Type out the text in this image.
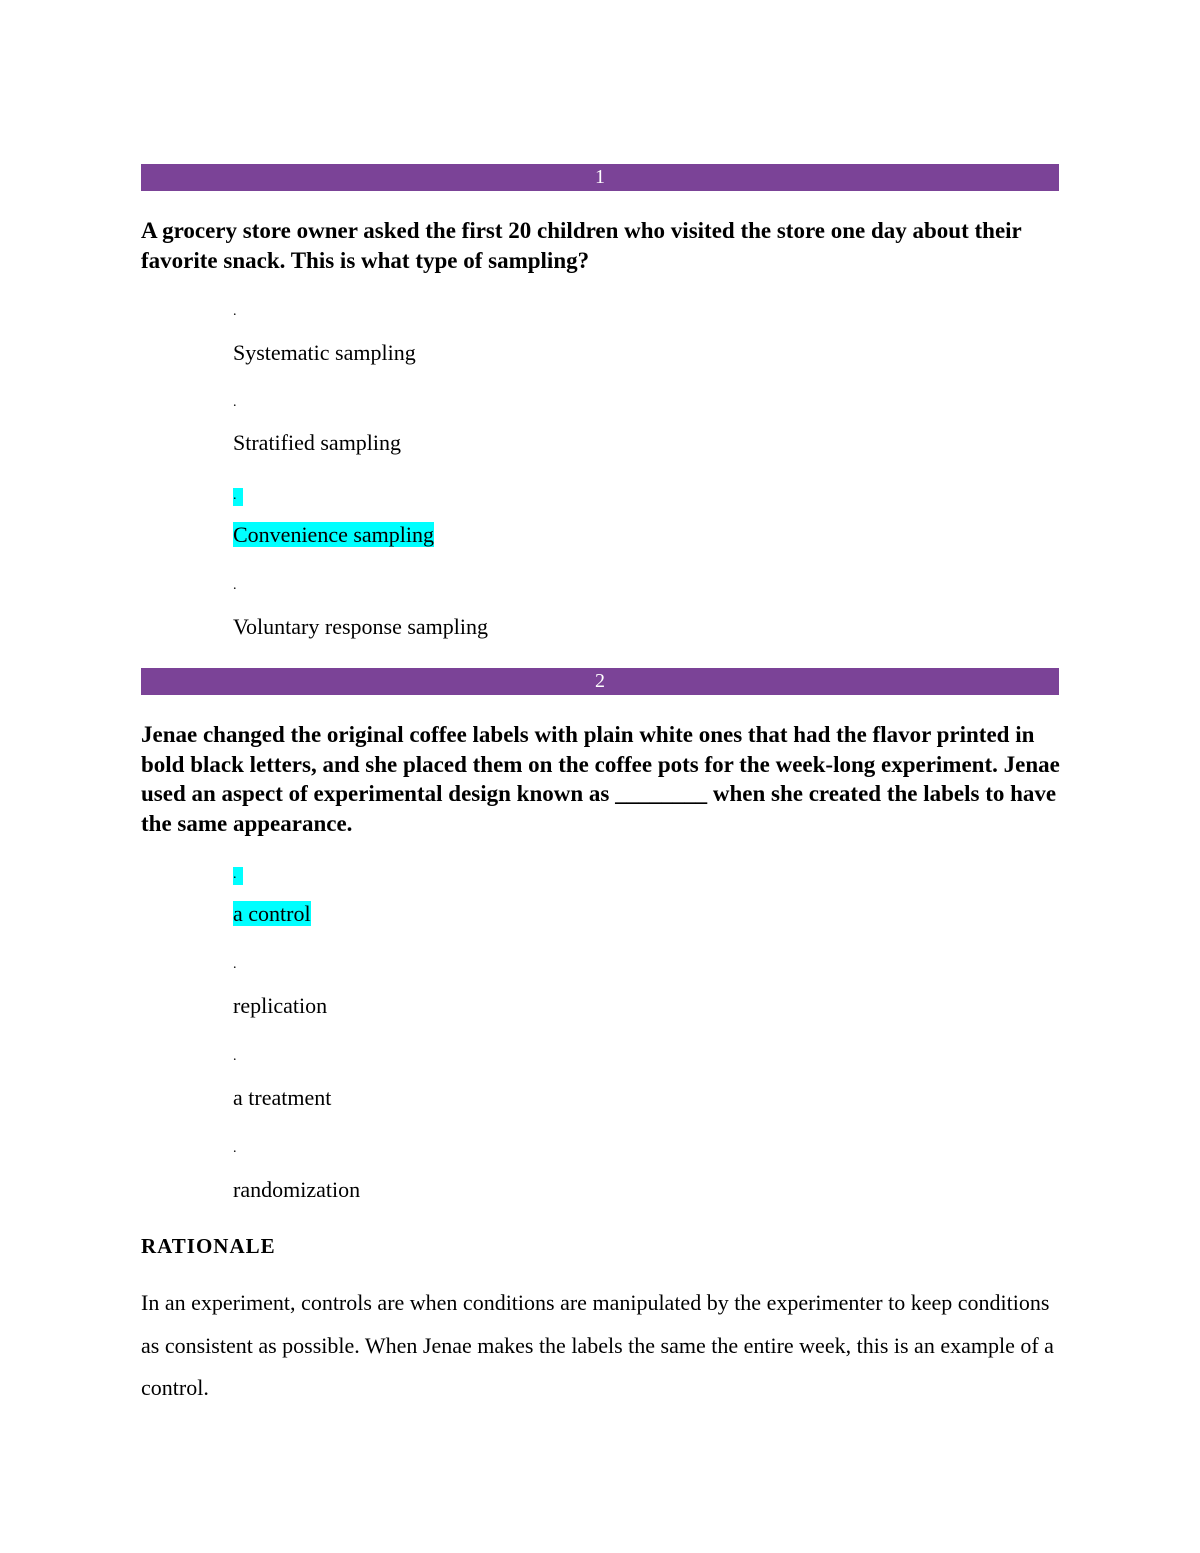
1
A grocery store owner asked the first 20 children who visited the store one day about their favorite snack. This is what type of sampling?
.
Systematic sampling
.
Stratified sampling
.
Convenience sampling
.
Voluntary response sampling
2
Jenae changed the original coffee labels with plain white ones that had the flavor printed in bold black letters, and she placed them on the coffee pots for the week-long experiment. Jenae used an aspect of experimental design known as ________ when she created the labels to have the same appearance.
.
a control
.
replication
.
a treatment
.
randomization
RATIONALE
In an experiment, controls are when conditions are manipulated by the experimenter to keep conditions as consistent as possible. When Jenae makes the labels the same the entire week, this is an example of a control.
